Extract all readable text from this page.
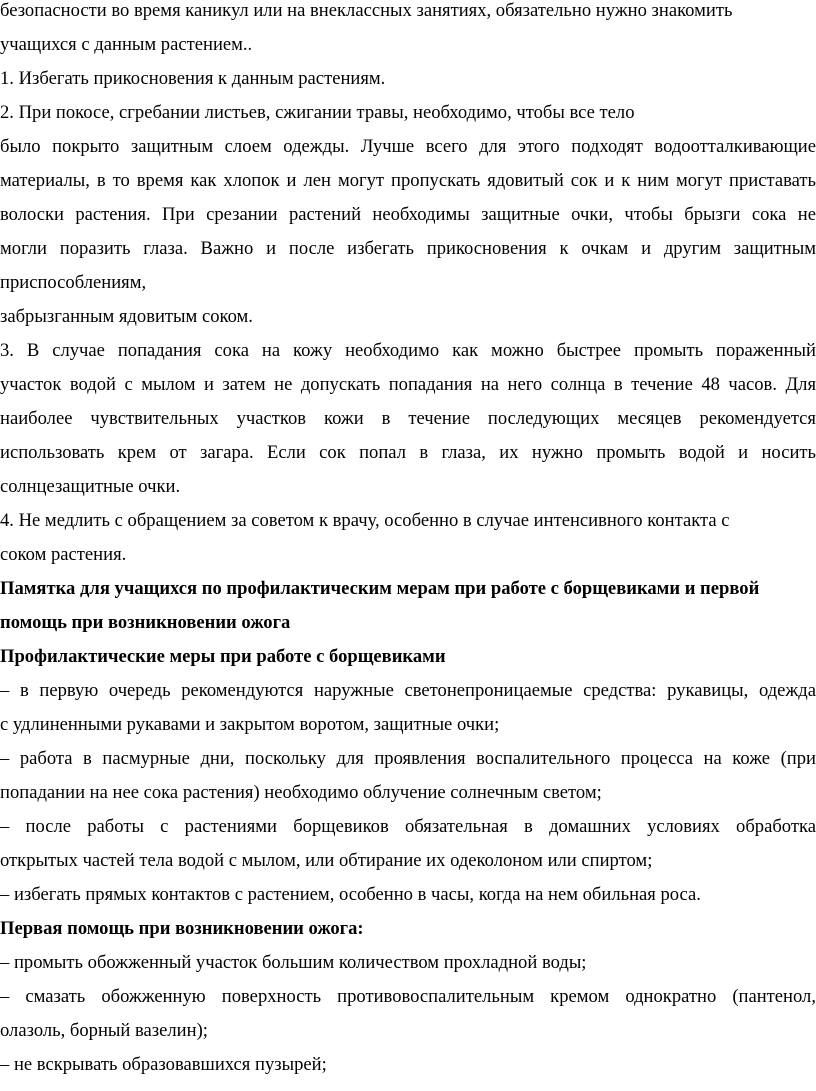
безопасности во время каникул или на внеклассных занятиях, обязательно нужно знакомить

учащихся с данным растением..

1. Избегать прикосновения к данным растениям.

2. При покосе, сгребании листьев, сжигании травы, необходимо, чтобы все тело

было покрыто защитным слоем одежды. Лучше всего для этого подходят водоотталкивающие

материалы, в то время как хлопок и лен могут пропускать ядовитый сок и к ним могут приставать

волоски растения. При срезании растений необходимы защитные очки, чтобы брызги сока не

могли поразить глаза. Важно и после избегать прикосновения к очкам и другим защитным

приспособлениям,

забрызганным ядовитым соком.

3. В случае попадания сока на кожу необходимо как можно быстрее промыть пораженный

участок водой с мылом и затем не допускать попадания на него солнца в течение 48 часов. Для

наиболее чувствительных участков кожи в течение последующих месяцев рекомендуется

использовать крем от загара. Если сок попал в глаза, их нужно промыть водой и носить

солнцезащитные очки.

4. Не медлить с обращением за советом к врачу, особенно в случае интенсивного контакта с

соком растения.

Памятка для учащихся по профилактическим мерам при работе с борщевиками и первой

помощь при возникновении ожога

Профилактические меры при работе с борщевиками

– в первую очередь рекомендуются наружные светонепроницаемые средства: рукавицы, одежда

с удлиненными рукавами и закрытом воротом, защитные очки;

– работа в пасмурные дни, поскольку для проявления воспалительного процесса на коже (при

попадании на нее сока растения) необходимо облучение солнечным светом;

– после работы с растениями борщевиков обязательная в домашних условиях обработка

открытых частей тела водой с мылом, или обтирание их одеколоном или спиртом;

– избегать прямых контактов с растением, особенно в часы, когда на нем обильная роса.

Первая помощь при возникновении ожога:

– промыть обожженный участок большим количеством прохладной воды;

– смазать обожженную поверхность противовоспалительным кремом однократно (пантенол,

олазоль, борный вазелин);

– не вскрывать образовавшихся пузырей;
